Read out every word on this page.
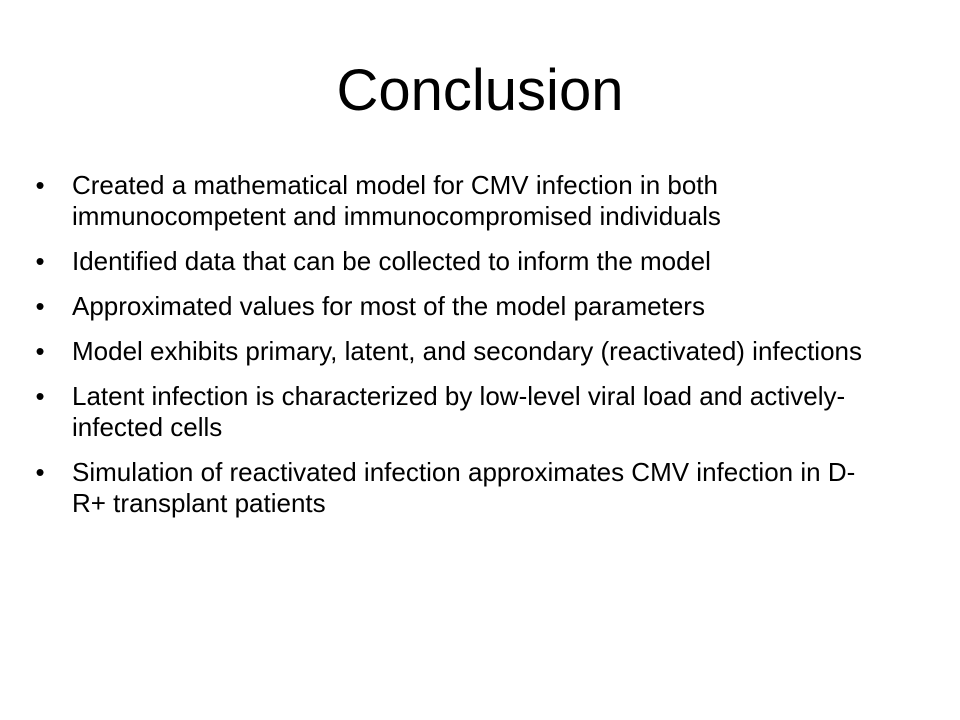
Conclusion
• Created a mathematical model for CMV infection in both immunocompetent and immunocompromised individuals
• Identified data that can be collected to inform the model
• Approximated values for most of the model parameters
• Model exhibits primary, latent, and secondary (reactivated) infections
• Latent infection is characterized by low-level viral load and actively-infected cells
• Simulation of reactivated infection approximates CMV infection in D-R+ transplant patients
